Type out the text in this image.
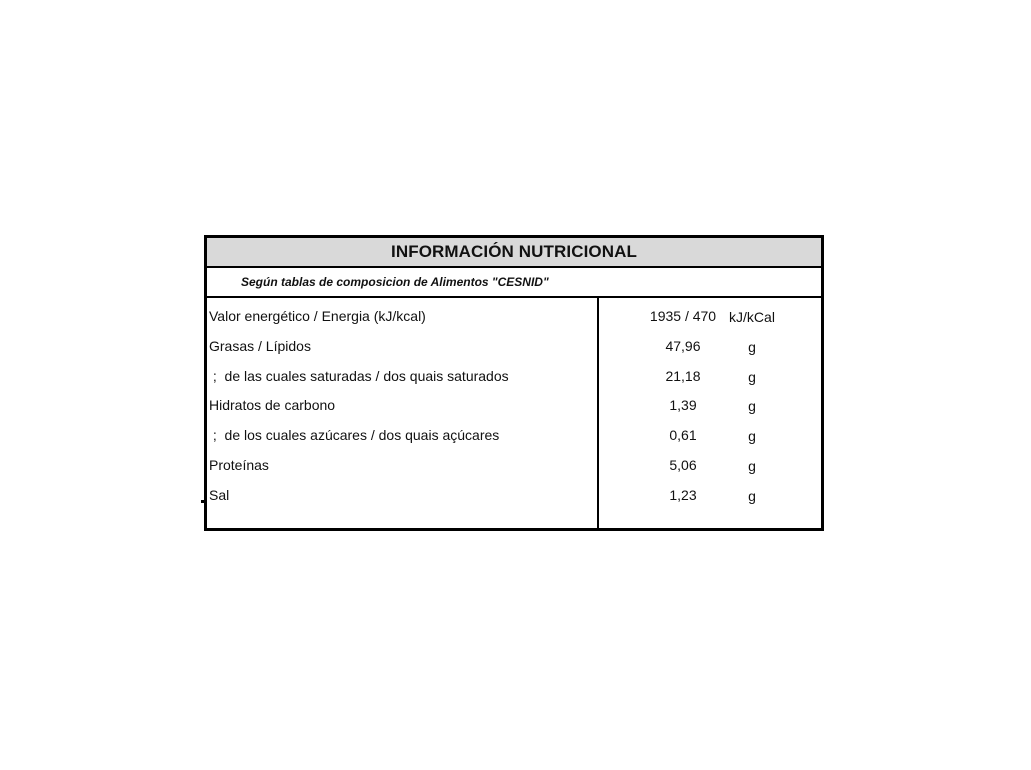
INFORMACIÓN NUTRICIONAL
Según tablas de composicion de Alimentos "CESNID"
Valor energético / Energia (kJ/kcal)	1935 / 470 kJ/kCal
Grasas / Lípidos	47,96	g
;  de las cuales saturadas / dos quais saturados	21,18	g
Hidratos de carbono	1,39	g
;  de los cuales azúcares / dos quais açúcares	0,61	g
Proteínas	5,06	g
Sal	1,23	g
